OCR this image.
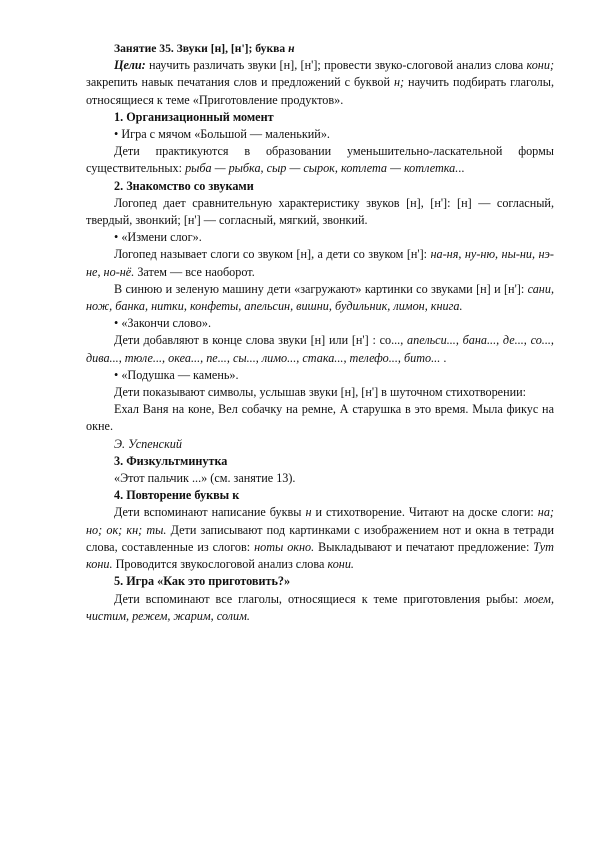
Занятие 35. Звуки [н], [н']; буква н

Цели: научить различать звуки [н], [н']; провести звуко-слоговой анализ слова кони; закрепить навык печатания слов и предложений с буквой н; научить подбирать глаголы, относящиеся к теме «Приготовление продуктов».

1. Организационный момент

• Игра с мячом «Большой — маленький».

Дети практикуются в образовании уменьшительно-ласкательной формы существительных: рыба — рыбка, сыр — сырок, котлета — котлетка...

2. Знакомство со звуками

Логопед дает сравнительную характеристику звуков [н], [н']: [н] — согласный, твердый, звонкий; [н'] — согласный, мягкий, звонкий.

• «Измени слог».

Логопед называет слоги со звуком [н], а дети со звуком [н']: на-ня, ну-ню, ны-ни, нэ-не, но-нё. Затем — все наоборот.

В синюю и зеленую машину дети «загружают» картинки со звуками [н] и [н']: сани, нож, банка, нитки, конфеты, апельсин, вишни, будильник, лимон, книга.

• «Закончи слово».

Дети добавляют в конце слова звуки [н] или [н'] : со..., апельси..., бана..., де..., со..., дива..., тюле..., океа..., пе..., сы..., лимо..., стака..., телефо..., бито... .

• «Подушка — камень».

Дети показывают символы, услышав звуки [н], [н'] в шуточном стихотворении:

Ехал Ваня на коне, Вел собачку на ремне, А старушка в это время. Мыла фикус на окне.

Э. Успенский

3. Физкультминутка

«Этот пальчик ...» (см. занятие 13).

4. Повторение буквы к

Дети вспоминают написание буквы н и стихотворение. Читают на доске слоги: на; но; ок; кн; ты. Дети записывают под картинками с изображением нот и окна в тетради слова, составленные из слогов: ноты окно. Выкладывают и печатают предложение: Тут кони. Проводится звукослоговой анализ слова кони.

5. Игра «Как это приготовить?»

Дети вспоминают все глаголы, относящиеся к теме приготовления рыбы: моем, чистим, режем, жарим, солим.
